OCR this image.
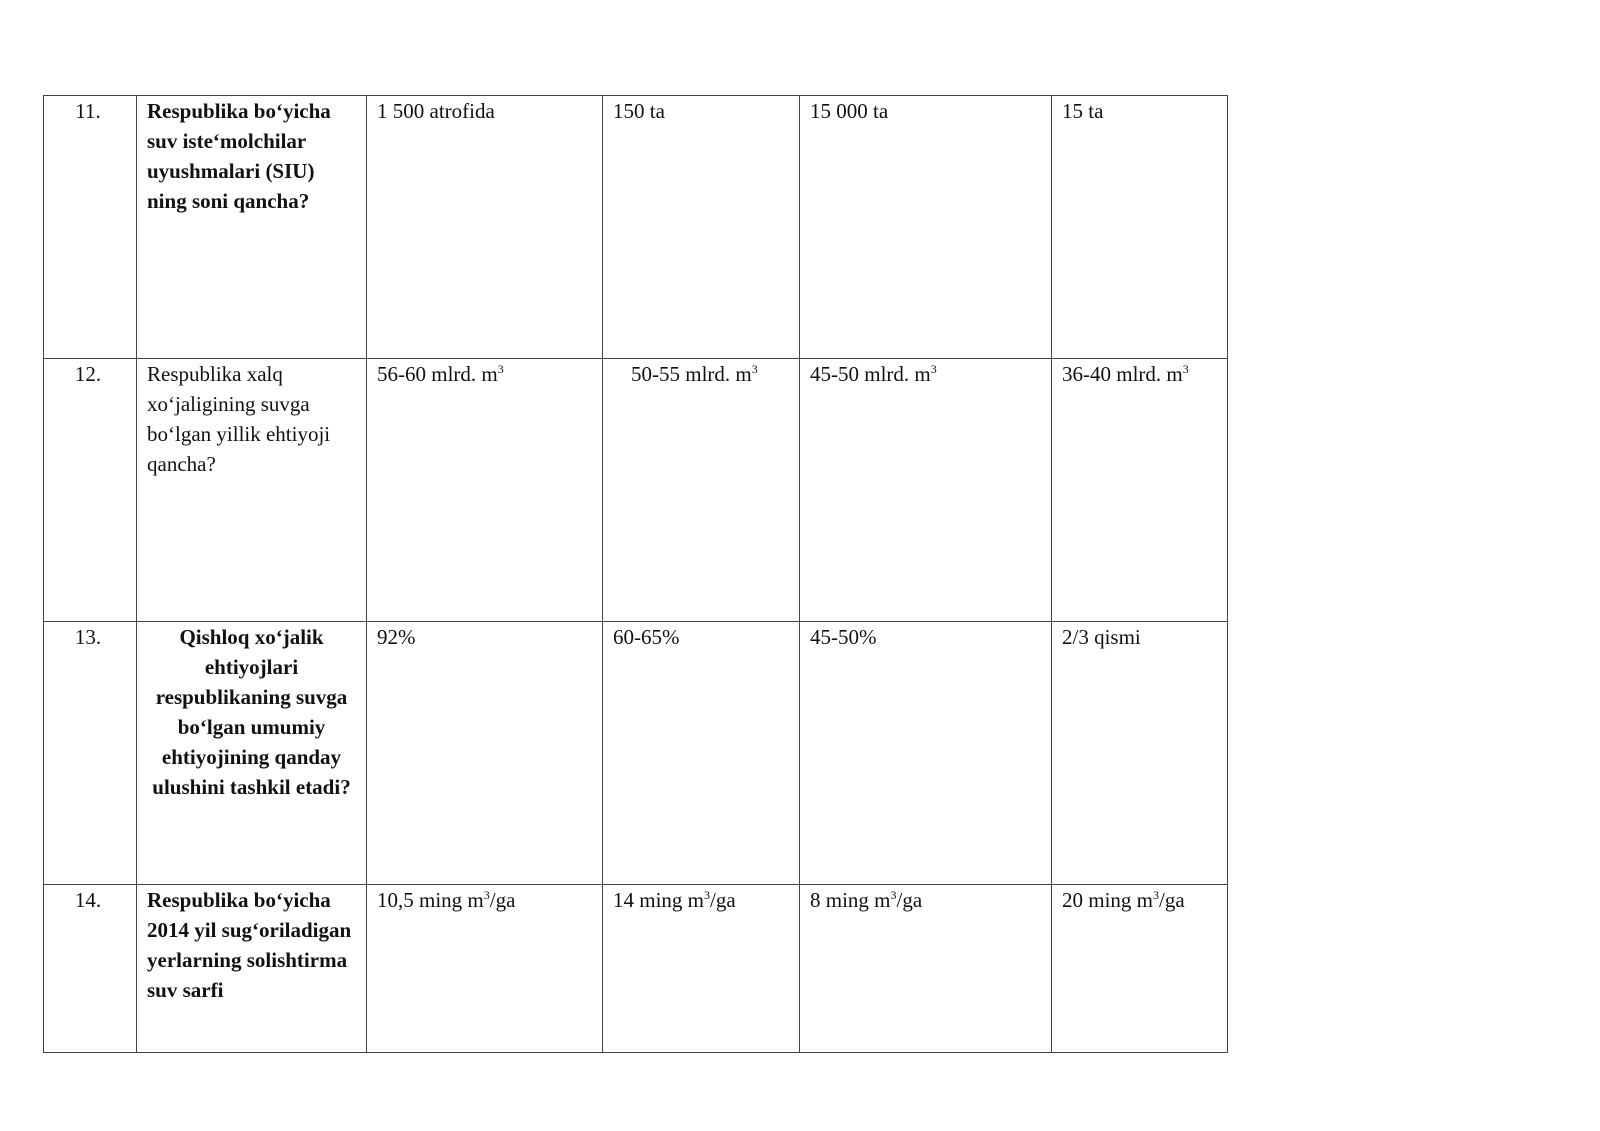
11.	Respublika bo‘yicha suv iste‘molchilar uyushmalari (SIU) ning soni qancha?	1 500 atrofida	150 ta	15 000 ta	15 ta
12.	Respublika xalq xo‘jaligining suvga bo‘lgan yillik ehtiyoji qancha?	56-60 mlrd. $m^3$	50-55 mlrd. $m^3$	45-50 mlrd. $m^3$	36-40 mlrd. $m^3$
13.	Qishloq xo‘jalik ehtiyojlari respublikaning suvga bo‘lgan umumiy ehtiyojining qanday ulushini tashkil etadi?	92%	60-65%	45-50%	2/3 qismi
14.	Respublika bo‘yicha 2014 yil sug‘oriladigan yerlarning solishtirma suv sarfi	10,5 ming $m^3/ga$	14 ming $m^3/ga$	8 ming $m^3/ga$	20 ming $m^3/ga$
